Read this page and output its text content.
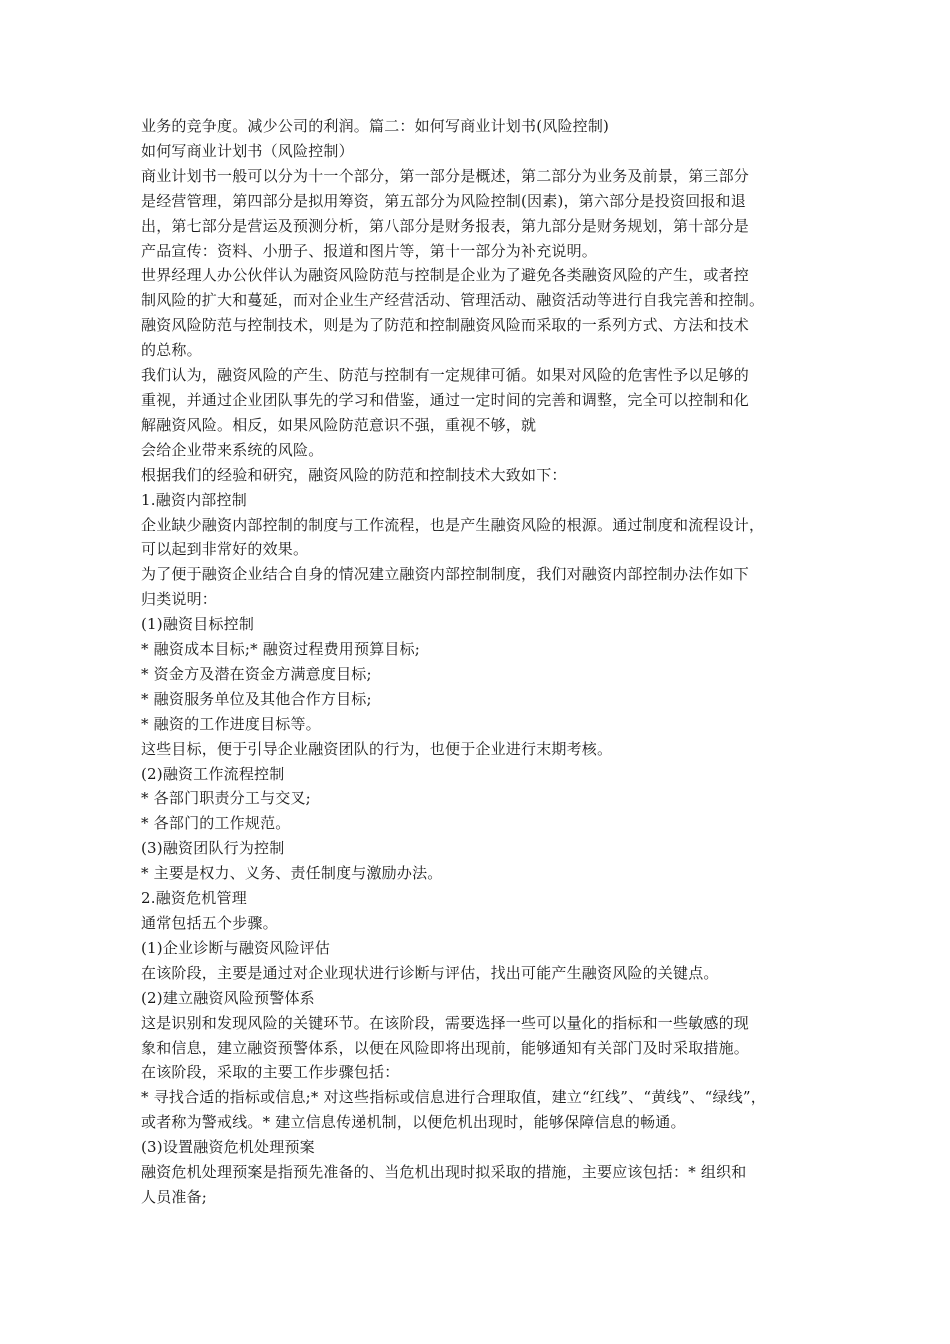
业务的竞争度。减少公司的利润。篇二：如何写商业计划书(风险控制)
如何写商业计划书（风险控制）
商业计划书一般可以分为十一个部分，第一部分是概述，第二部分为业务及前景，第三部分
是经营管理，第四部分是拟用筹资，第五部分为风险控制(因素)，第六部分是投资回报和退
出，第七部分是营运及预测分析，第八部分是财务报表，第九部分是财务规划，第十部分是
产品宣传：资料、小册子、报道和图片等，第十一部分为补充说明。
世界经理人办公伙伴认为融资风险防范与控制是企业为了避免各类融资风险的产生，或者控
制风险的扩大和蔓延，而对企业生产经营活动、管理活动、融资活动等进行自我完善和控制。
融资风险防范与控制技术，则是为了防范和控制融资风险而采取的一系列方式、方法和技术
的总称。
我们认为，融资风险的产生、防范与控制有一定规律可循。如果对风险的危害性予以足够的
重视，并通过企业团队事先的学习和借鉴，通过一定时间的完善和调整，完全可以控制和化
解融资风险。相反，如果风险防范意识不强，重视不够，就
会给企业带来系统的风险。
根据我们的经验和研究，融资风险的防范和控制技术大致如下：
1.融资内部控制
企业缺少融资内部控制的制度与工作流程，也是产生融资风险的根源。通过制度和流程设计，
可以起到非常好的效果。
为了便于融资企业结合自身的情况建立融资内部控制制度，我们对融资内部控制办法作如下
归类说明：
(1)融资目标控制
* 融资成本目标;* 融资过程费用预算目标;
* 资金方及潜在资金方满意度目标;
* 融资服务单位及其他合作方目标;
* 融资的工作进度目标等。
这些目标，便于引导企业融资团队的行为，也便于企业进行末期考核。
(2)融资工作流程控制
* 各部门职责分工与交叉;
* 各部门的工作规范。
(3)融资团队行为控制
* 主要是权力、义务、责任制度与激励办法。
2.融资危机管理
通常包括五个步骤。
(1)企业诊断与融资风险评估
在该阶段，主要是通过对企业现状进行诊断与评估，找出可能产生融资风险的关键点。
(2)建立融资风险预警体系
这是识别和发现风险的关键环节。在该阶段，需要选择一些可以量化的指标和一些敏感的现
象和信息，建立融资预警体系，以便在风险即将出现前，能够通知有关部门及时采取措施。
在该阶段，采取的主要工作步骤包括：
* 寻找合适的指标或信息;* 对这些指标或信息进行合理取值，建立“红线”、“黄线”、“绿线”，
或者称为警戒线。* 建立信息传递机制，以便危机出现时，能够保障信息的畅通。
(3)设置融资危机处理预案
融资危机处理预案是指预先准备的、当危机出现时拟采取的措施，主要应该包括：* 组织和
人员准备;
